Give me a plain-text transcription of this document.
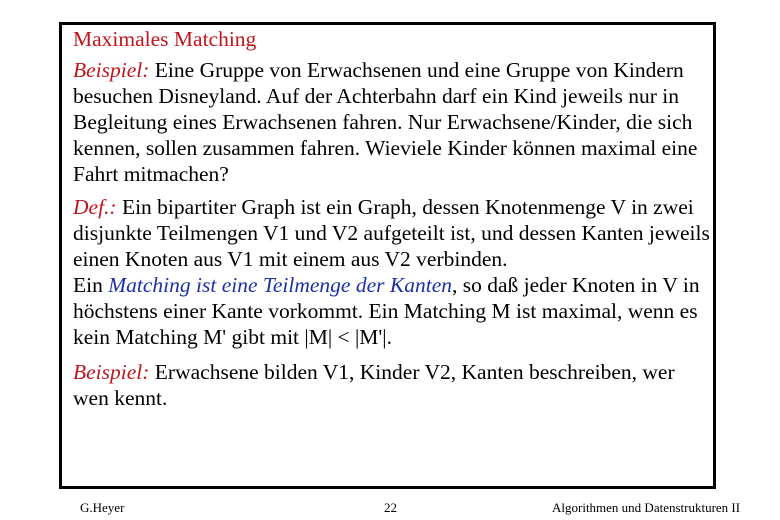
Maximales Matching

Beispiel: Eine Gruppe von Erwachsenen und eine Gruppe von Kindern besuchen Disneyland. Auf der Achterbahn darf ein Kind jeweils nur in Begleitung eines Erwachsenen fahren. Nur Erwachsene/Kinder, die sich kennen, sollen zusammen fahren. Wieviele Kinder können maximal eine Fahrt mitmachen?

Def.: Ein bipartiter Graph ist ein Graph, dessen Knotenmenge V in zwei disjunkte Teilmengen V1 und V2 aufgeteilt ist, und dessen Kanten jeweils einen Knoten aus V1 mit einem aus V2 verbinden.
Ein Matching ist eine Teilmenge der Kanten, so daß jeder Knoten in V in höchstens einer Kante vorkommt. Ein Matching M ist maximal, wenn es kein Matching M' gibt mit |M| < |M'|.

Beispiel: Erwachsene bilden V1, Kinder V2, Kanten beschreiben, wer wen kennt.

G.Heyer	22	Algorithmen und Datenstrukturen II
